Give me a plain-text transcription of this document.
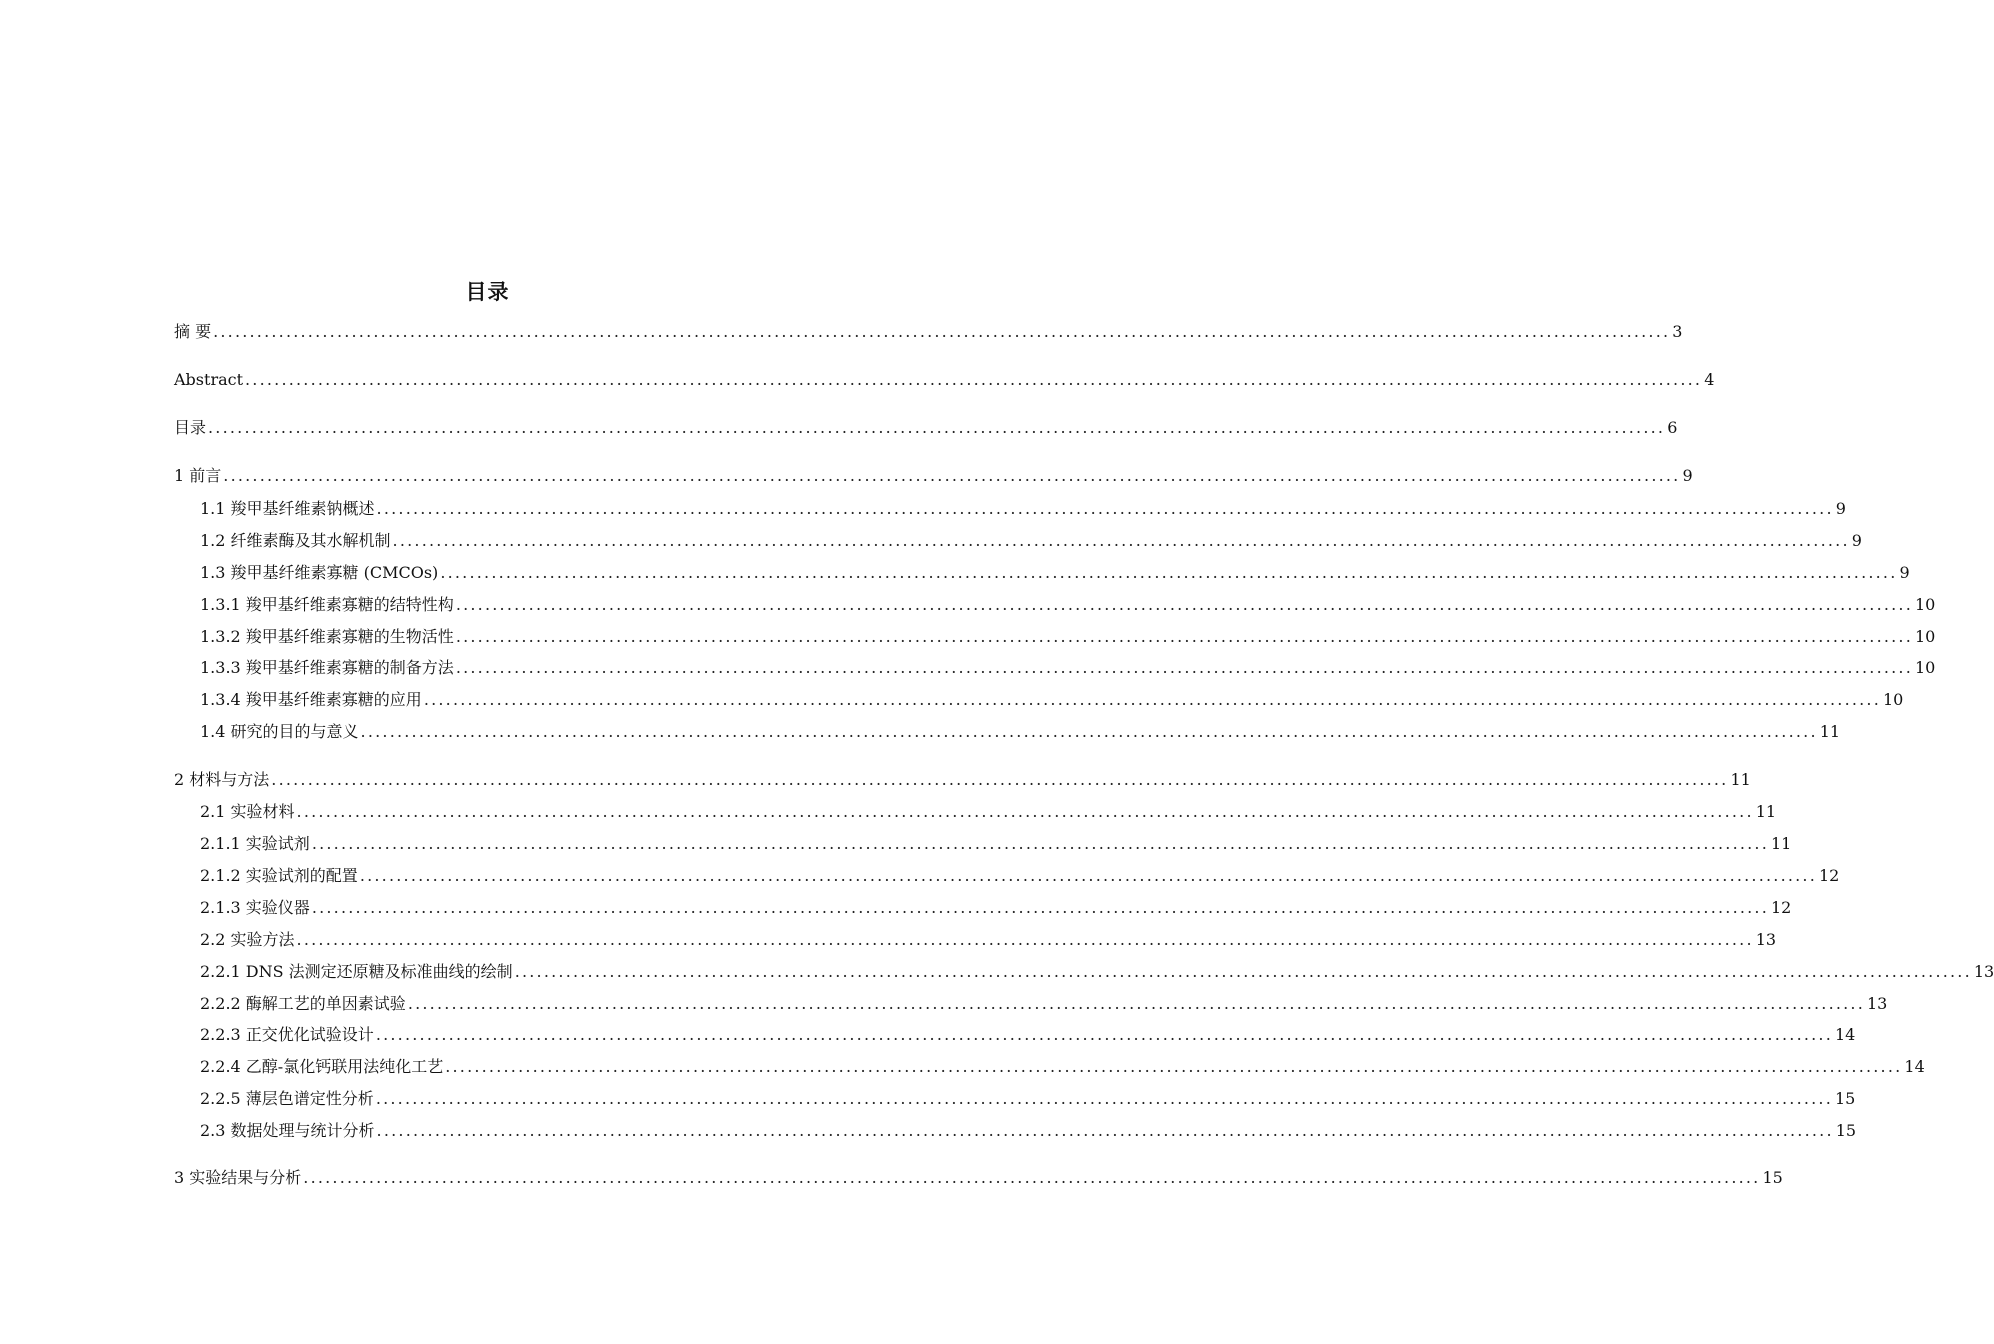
目录
摘 要 ........................................................................................................................................................................................................ 3
Abstract ........................................................................................................................................................................................................ 4
目录 ........................................................................................................................................................................................................ 6
1 前言 ........................................................................................................................................................................................................ 9
1.1 羧甲基纤维素钠概述 ........................................................................................................................................................................................................ 9
1.2 纤维素酶及其水解机制 ........................................................................................................................................................................................................ 9
1.3 羧甲基纤维素寡糖 (CMCOs) ........................................................................................................................................................................................................ 9
1.3.1 羧甲基纤维素寡糖的结特性构 ........................................................................................................................................................................................................ 10
1.3.2 羧甲基纤维素寡糖的生物活性 ........................................................................................................................................................................................................ 10
1.3.3 羧甲基纤维素寡糖的制备方法 ........................................................................................................................................................................................................ 10
1.3.4 羧甲基纤维素寡糖的应用 ........................................................................................................................................................................................................ 10
1.4 研究的目的与意义 ........................................................................................................................................................................................................ 11
2 材料与方法 ........................................................................................................................................................................................................ 11
2.1 实验材料 ........................................................................................................................................................................................................ 11
2.1.1 实验试剂 ........................................................................................................................................................................................................ 11
2.1.2 实验试剂的配置 ........................................................................................................................................................................................................ 12
2.1.3 实验仪器 ........................................................................................................................................................................................................ 12
2.2 实验方法 ........................................................................................................................................................................................................ 13
2.2.1 DNS 法测定还原糖及标准曲线的绘制 ........................................................................................................................................................................................................ 13
2.2.2 酶解工艺的单因素试验 ........................................................................................................................................................................................................ 13
2.2.3 正交优化试验设计 ........................................................................................................................................................................................................ 14
2.2.4 乙醇-氯化钙联用法纯化工艺 ........................................................................................................................................................................................................ 14
2.2.5 薄层色谱定性分析 ........................................................................................................................................................................................................ 15
2.3 数据处理与统计分析 ........................................................................................................................................................................................................ 15
3 实验结果与分析 ........................................................................................................................................................................................................ 15
